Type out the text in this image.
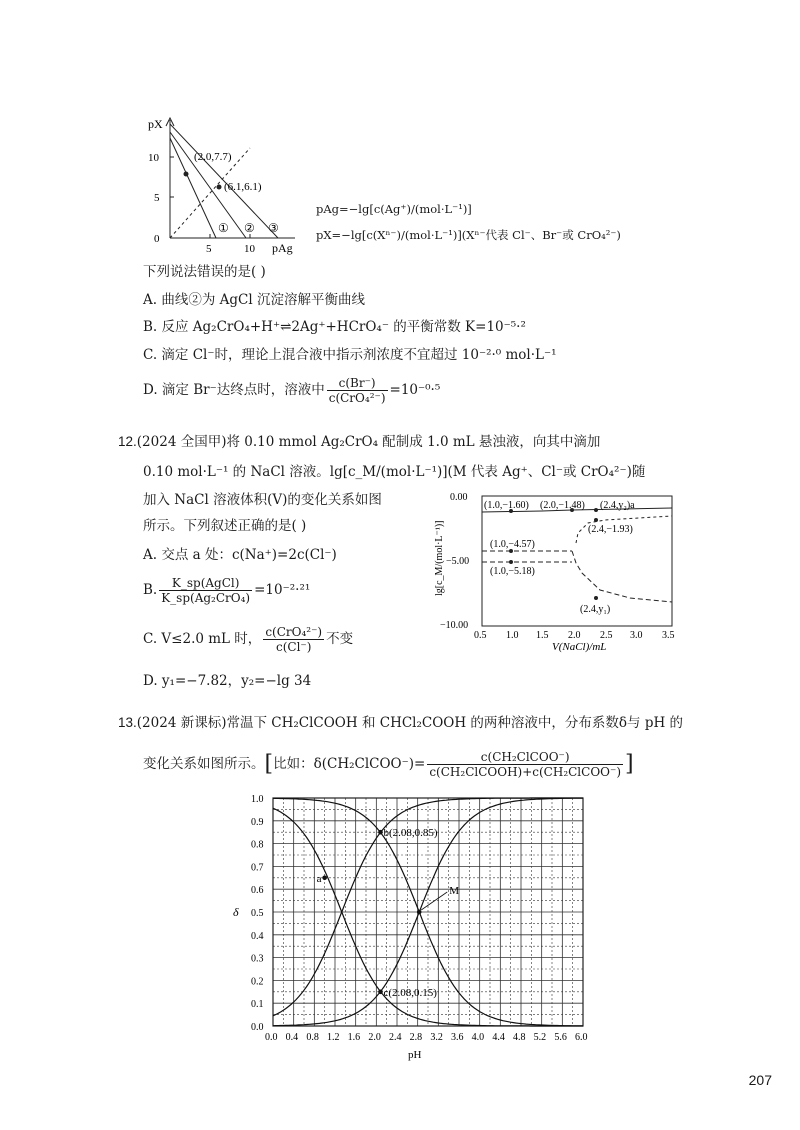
pX
10
5
0
5	10 pAg
(2.0,7.7)
(6.1,6.1)
① ② ③
pAg=−lg[c(Ag⁺)/(mol·L⁻¹)]
pX=−lg[c(Xⁿ⁻)/(mol·L⁻¹)](Xⁿ⁻代表 Cl⁻、Br⁻或 CrO₄²⁻)
下列说法错误的是( )
A. 曲线②为 AgCl 沉淀溶解平衡曲线
B. 反应 Ag₂CrO₄+H⁺⇌2Ag⁺+HCrO₄⁻ 的平衡常数 K=10⁻⁵·²
C. 滴定 Cl⁻时，理论上混合液中指示剂浓度不宜超过 10⁻²·⁰ mol·L⁻¹
D. 滴定 Br⁻达终点时，溶液中 $\frac{c(Br^-)}{\text{c(CrO₄²⁻)}} =10^{-0}\cdot^5$
12.(2024 全国甲)将 0.10 mmol Ag₂CrO₄ 配制成 1.0 mL 悬浊液，向其中滴加
0.10 mol·L⁻¹ 的 NaCl 溶液。lg[c_M/(mol·L⁻¹)](M 代表 Ag⁺、Cl⁻或 CrO₄²⁻)随
加入 NaCl 溶液体积(V)的变化关系如图
所示。下列叙述正确的是( )
A. 交点 a 处：c(Na⁺)=2c(Cl⁻)
B. $\frac{\text{K\_sp(AgCl)}}{\text{K\_sp(Ag₂CrO₄)}} =10^{-2}\cdot^{21}$
C. V≤2.0 mL 时， $\frac{\text{c(CrO₄²⁻)}}{c(Cl^-)}$ 不变
D. y₁=−7.82，y₂=−lg 34
0.00
−5.00
−10.00
0.5 1.0 1.5 2.0 2.5 3.0 3.5
V(NaCl)/mL
lg[c_M/(mol·L⁻¹)]
(1.0,−1.60) (2.0,−1.48) (2.4,y₂)a
(2.4,−1.93)
(1.0,−4.57)
(1.0,−5.18)
(2.4,y₁)
13.(2024 新课标)常温下 CH₂ClCOOH 和 CHCl₂COOH 的两种溶液中，分布系数δ与 pH 的
变化关系如图所示。[比如：δ(CH₂ClCOO⁻)= $\frac{\text{c(CH₂ClCOO⁻)}}{\text{c(CH₂ClCOOH)+c(CH₂ClCOO⁻)}}$ ]
0.0 0.4 0.8 1.2 1.6 2.0 2.4 2.8 3.2 3.6 4.0 4.4 4.8 5.2 5.6 6.0
0.0
0.1
0.2
0.3
0.4
0.5
0.6
0.7
0.8
0.9
1.0
a
b(2.08,0.85)
c(2.08,0.15)
M
pH
δ
207
